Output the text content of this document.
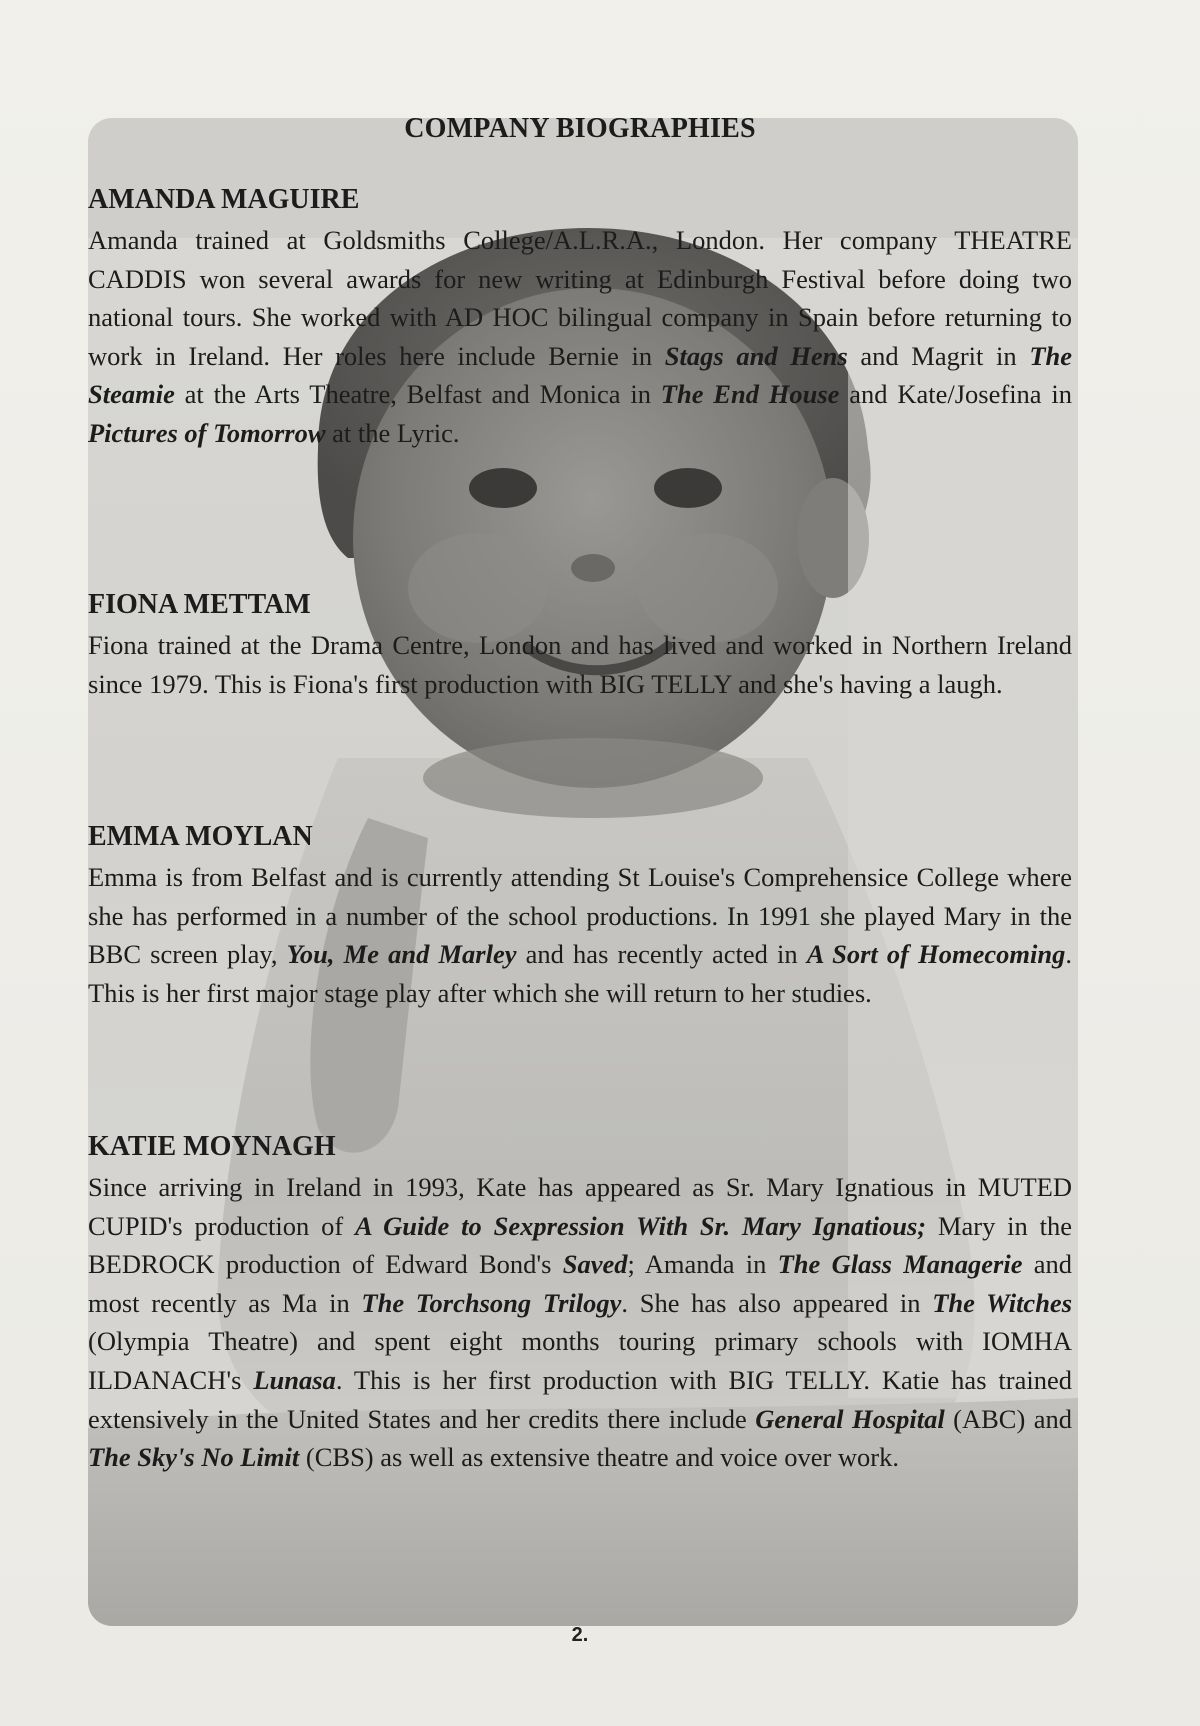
COMPANY BIOGRAPHIES
AMANDA MAGUIRE

Amanda trained at Goldsmiths College/A.L.R.A., London. Her company THEATRE CADDIS won several awards for new writing at Edinburgh Festival before doing two national tours. She worked with AD HOC bilingual company in Spain before returning to work in Ireland. Her roles here include Bernie in Stags and Hens and Magrit in The Steamie at the Arts Theatre, Belfast and Monica in The End House and Kate/Josefina in Pictures of Tomorrow at the Lyric.

FIONA METTAM

Fiona trained at the Drama Centre, London and has lived and worked in Northern Ireland since 1979. This is Fiona's first production with BIG TELLY and she's having a laugh.

EMMA MOYLAN

Emma is from Belfast and is currently attending St Louise's Comprehensice College where she has performed in a number of the school productions. In 1991 she played Mary in the BBC screen play, You, Me and Marley and has recently acted in A Sort of Homecoming. This is her first major stage play after which she will return to her studies.

KATIE MOYNAGH

Since arriving in Ireland in 1993, Kate has appeared as Sr. Mary Ignatious in MUTED CUPID's production of A Guide to Sexpression With Sr. Mary Ignatious; Mary in the BEDROCK production of Edward Bond's Saved; Amanda in The Glass Managerie and most recently as Ma in The Torchsong Trilogy. She has also appeared in The Witches (Olympia Theatre) and spent eight months touring primary schools with IOMHA ILDANACH's Lunasa. This is her first production with BIG TELLY. Katie has trained extensively in the United States and her credits there include General Hospital (ABC) and The Sky's No Limit (CBS) as well as extensive theatre and voice over work.

2.
